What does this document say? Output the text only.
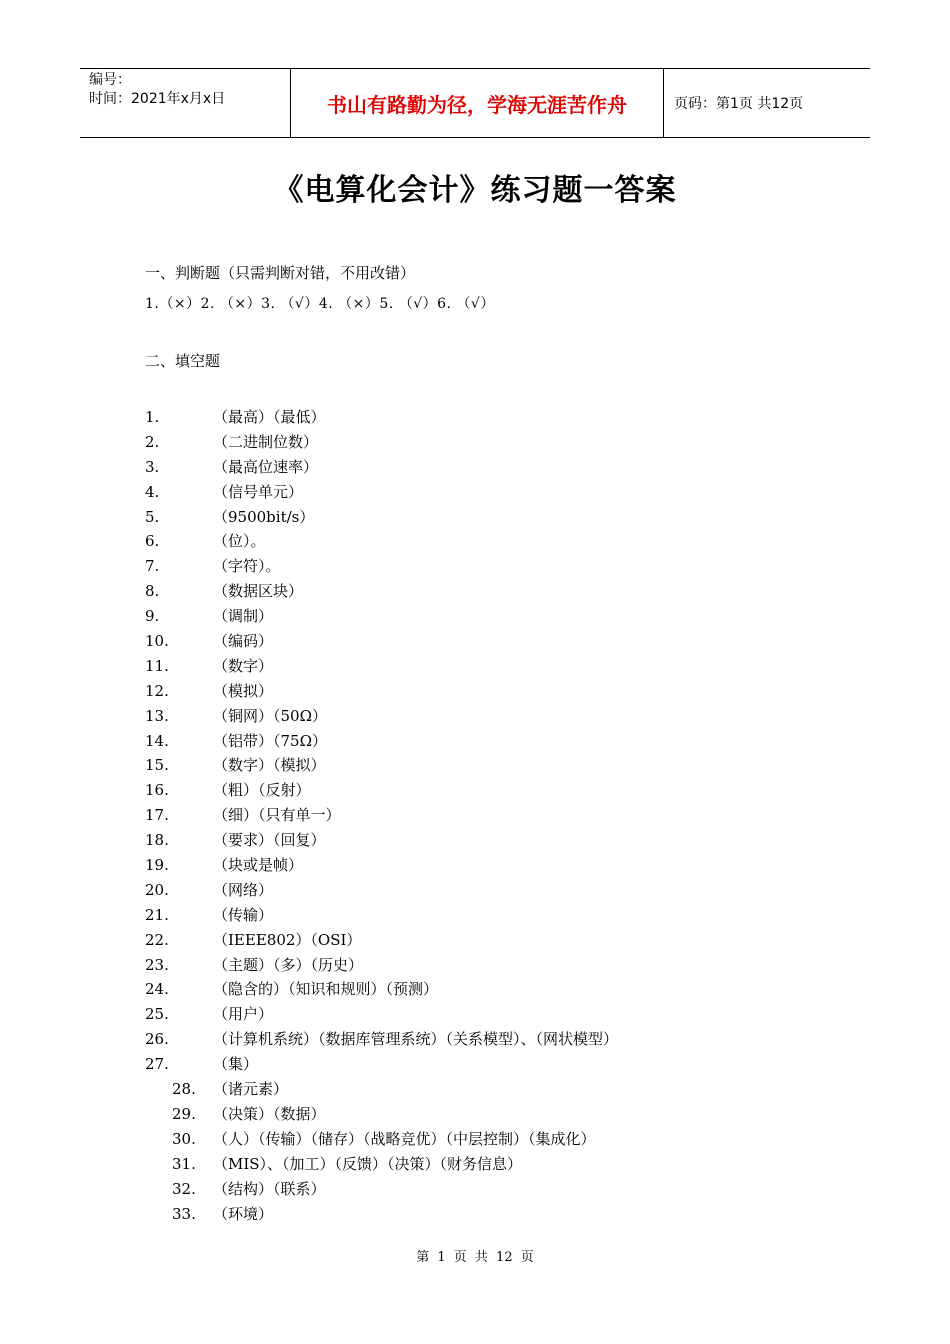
编号：
时间：2021年x月x日	书山有路勤为径，学海无涯苦作舟	页码：第1页 共12页
《电算化会计》练习题一答案
一、判断题（只需判断对错，不用改错）
1.（×）2. （×）3. （√）4. （×）5. （√）6. （√）
二、填空题
1.	（最高）（最低）
2.	（二进制位数）
3.	（最高位速率）
4.	（信号单元）
5.	（9500bit/s）
6.	（位）。
7.	（字符）。
8.	（数据区块）
9.	（调制）
10.	（编码）
11.	（数字）
12.	（模拟）
13.	（铜网）（50Ω）
14.	（铝带）（75Ω）
15.	（数字）（模拟）
16.	（粗）（反射）
17.	（细）（只有单一）
18.	（要求）（回复）
19.	（块或是帧）
20.	（网络）
21.	（传输）
22.	（IEEE802）（OSI）
23.	（主题）（多）（历史）
24.	（隐含的）（知识和规则）（预测）
25.	（用户）
26.	（计算机系统）（数据库管理系统）（关系模型）、（网状模型）
27.	（集）
28. （诸元素）
29. （决策）（数据）
30. （人）（传输）（储存）（战略竞优）（中层控制）（集成化）
31. （MIS）、（加工）（反馈）（决策）（财务信息）
32. （结构）（联系）
33. （环境）
第 1 页 共 12 页
